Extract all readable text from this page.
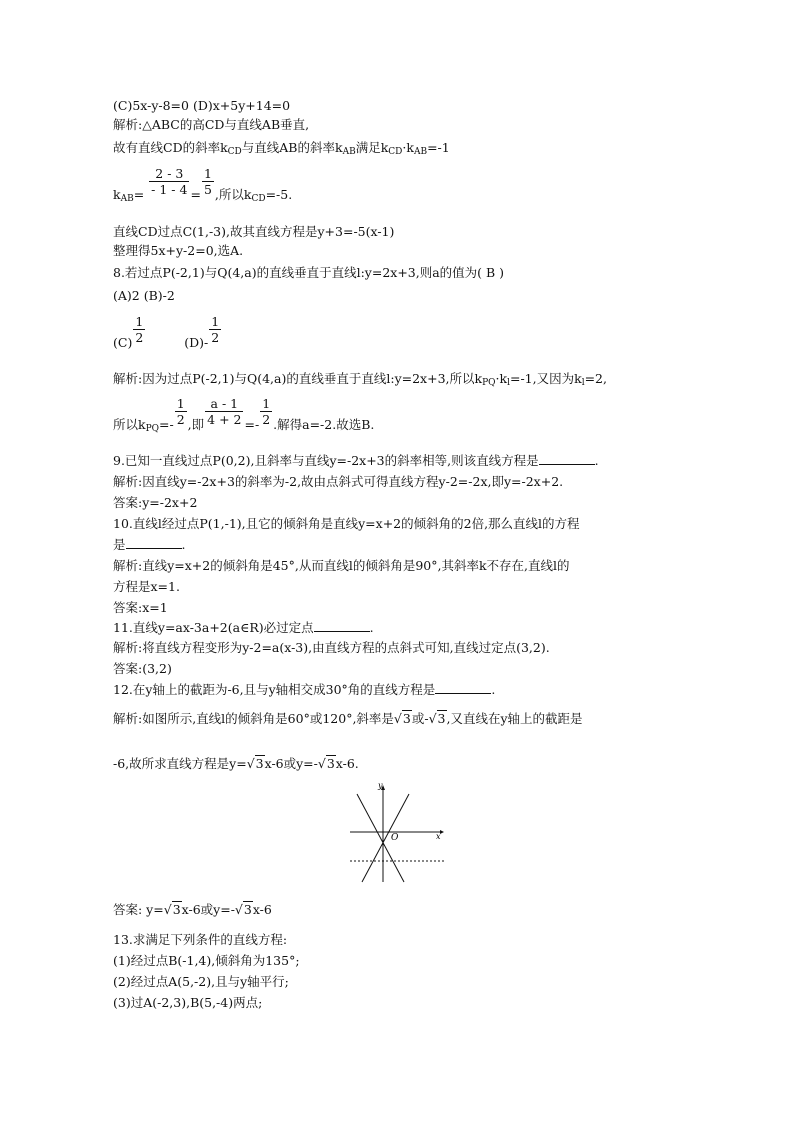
(C)5x-y-8=0 (D)x+5y+14=0
解析:△ABC的高CD与直线AB垂直,
故有直线CD的斜率$k_{CD}$与直线AB的斜率$k_{AB}$满足$k_{CD}\cdot k_{AB}=-1$
$k_{AB}= \frac{2 - 3}{- 1 - 4} = \frac{1}{5}$ ,所以$k_{CD}=-5$.
直线CD过点C(1,-3),故其直线方程是y+3=-5(x-1)
整理得5x+y-2=0,选A.
8.若过点P(-2,1)与Q(4,a)的直线垂直于直线l:y=2x+3,则a的值为( B )
(A)2 (B)-2
$(C) \frac{1}{2}$	$(D)- \frac{1}{2}$
解析:因为过点P(-2,1)与Q(4,a)的直线垂直于直线l:y=2x+3,所以$k_{PQ}\cdot k_l=-1$,又因为$k_l=2$,
所以$k_{PQ}=- \frac{1}{2}$ ,即 $\frac{a - 1}{4 + 2} =- \frac{1}{2}$ .解得a=-2.故选B.
9.已知一直线过点P(0,2),且斜率与直线y=-2x+3的斜率相等,则该直线方程是	.
解析:因直线y=-2x+3的斜率为-2,故由点斜式可得直线方程y-2=-2x,即y=-2x+2.
答案:y=-2x+2
10.直线l经过点P(1,-1),且它的倾斜角是直线y=x+2的倾斜角的2倍,那么直线l的方程
是	.
解析:直线y=x+2的倾斜角是45°,从而直线l的倾斜角是90°,其斜率k不存在,直线l的
方程是x=1.
答案:x=1
11.直线y=ax-3a+2(a∈R)必过定点	.
解析:将直线方程变形为y-2=a(x-3),由直线方程的点斜式可知,直线过定点(3,2).
答案:(3,2)
12.在y轴上的截距为-6,且与y轴相交成30°角的直线方程是	.
解析:如图所示,直线l的倾斜角是60°或120°,斜率是√3或-√3,又直线在y轴上的截距是
-6,故所求直线方程是y=√3x-6或y=-√3x-6.
y
x
O
答案: y=√3x-6或y=-√3x-6
13.求满足下列条件的直线方程:
(1)经过点B(-1,4),倾斜角为135°;
(2)经过点A(5,-2),且与y轴平行;
(3)过A(-2,3),B(5,-4)两点;
